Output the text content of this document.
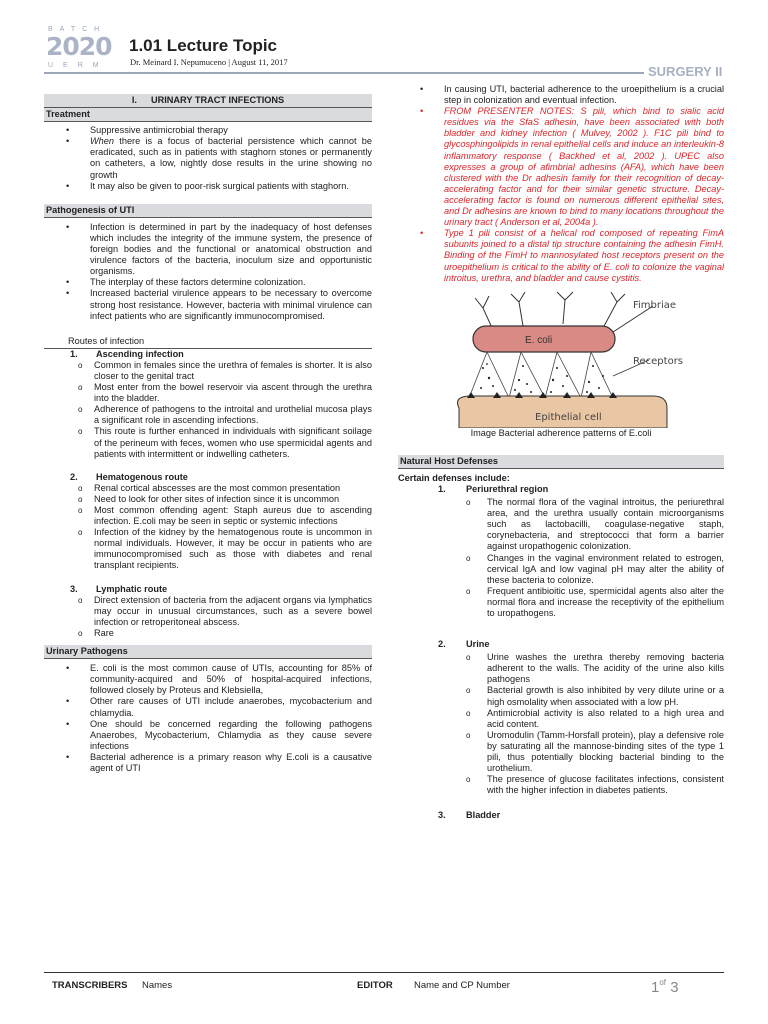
BATCH
2020
UERM
1.01 Lecture Topic
Dr. Meinard I. Nepumuceno | August 11, 2017
SURGERY II
I. URINARY TRACT INFECTIONS
Treatment
• Suppressive antimicrobial therapy
• When there is a focus of bacterial persistence which cannot be eradicated, such as in patients with staghorn stones or permanently on catheters, a low, nightly dose results in the urine showing no growth
• It may also be given to poor-risk surgical patients with staghorn.
Pathogenesis of UTI
• Infection is determined in part by the inadequacy of host defenses which includes the integrity of the immune system, the presence of foreign bodies and the functional or anatomical obstruction and virulence factors of the bacteria, inoculum size and opportunistic organisms.
• The interplay of these factors determine colonization.
• Increased bacterial virulence appears to be necessary to overcome strong host resistance. However, bacteria with minimal virulence can infect patients who are significantly immunocompromised.
Routes of infection
1. Ascending infection
o Common in females since the urethra of females is shorter. It is also closer to the genital tract
o Most enter from the bowel reservoir via ascent through the urethra into the bladder.
o Adherence of pathogens to the introital and urothelial mucosa plays a significant role in ascending infections.
o This route is further enhanced in individuals with significant soilage of the perineum with feces, women who use spermicidal agents and patients with intermittent or indwelling catheters.
2. Hematogenous route
o Renal cortical abscesses are the most common presentation
o Need to look for other sites of infection since it is uncommon
o Most common offending agent: Staph aureus due to ascending infection. E.coli may be seen in septic or systemic infections
o Infection of the kidney by the hematogenous route is uncommon in normal individuals. However, it may be occur in patients who are immunocompromised such as those with diabetes and renal transplant recipients.
3. Lymphatic route
o Direct extension of bacteria from the adjacent organs via lymphatics may occur in unusual circumstances, such as a severe bowel infection or retroperitoneal abscess.
o Rare
Urinary Pathogens
• E. coli is the most common cause of UTIs, accounting for 85% of community-acquired and 50% of hospital-acquired infections, followed closely by Proteus and Klebsiella,
• Other rare causes of UTI include anaerobes, mycobacterium and chlamydia.
• One should be concerned regarding the following pathogens Anaerobes, Mycobacterium, Chlamydia as they cause severe infections
• Bacterial adherence is a primary reason why E.coli is a causative agent of UTI
• In causing UTI, bacterial adherence to the uroepithelium is a crucial step in colonization and eventual infection.
• FROM PRESENTER NOTES: S pili, which bind to sialic acid residues via the SfaS adhesin, have been associated with both bladder and kidney infection ( Mulvey, 2002 ). F1C pili bind to glycosphingolipids in renal epithelial cells and induce an interleukin-8 inflammatory response ( Backhed et al, 2002 ). UPEC also expresses a group of afimbrial adhesins (AFA), which have been clustered with the Dr adhesin family for their recognition of decay-accelerating factor and for their similar genetic structure. Decay-accelerating factor is found on numerous different epithelial sites, and Dr adhesins are known to bind to many locations throughout the urinary tract ( Anderson et al, 2004a ).
• Type 1 pili consist of a helical rod composed of repeating FimA subunits joined to a distal tip structure containing the adhesin FimH. Binding of the FimH to mannosylated host receptors present on the uroepithelium is critical to the ability of E. coli to colonize the vaginal introitus, urethra, and bladder and cause cystitis.
E. coli
Fimbriae
Receptors
Epithelial cell
Image Bacterial adherence patterns of E.coli
Natural Host Defenses
Certain defenses include:
1. Periurethral region
o The normal flora of the vaginal introitus, the periurethral area, and the urethra usually contain microorganisms such as lactobacilli, coagulase-negative staph, corynebacteria, and streptococci that form a barrier against uropathogenic colonization.
o Changes in the vaginal environment related to estrogen, cervical IgA and low vaginal pH may alter the ability of these bacteria to colonize.
o Frequent antibioitic use, spermicidal agents also alter the normal flora and increase the receptivity of the epithelium to uropathogens.
2. Urine
o Urine washes the urethra thereby removing bacteria adherent to the walls. The acidity of the urine also kills pathogens
o Bacterial growth is also inhibited by very dilute urine or a high osmolality when associated with a low pH.
o Antimicrobial activity is also related to a high urea and acid content.
o Uromodulin (Tamm-Horsfall protein), play a defensive role by saturating all the mannose-binding sites of the type 1 pili, thus potentially blocking bacterial binding to the urothelium.
o The presence of glucose facilitates infections, consistent with the higher infection in diabetes patients.
3. Bladder
TRANSCRIBERS Names	EDITOR Name and CP Number	$1^{of}$ 3
